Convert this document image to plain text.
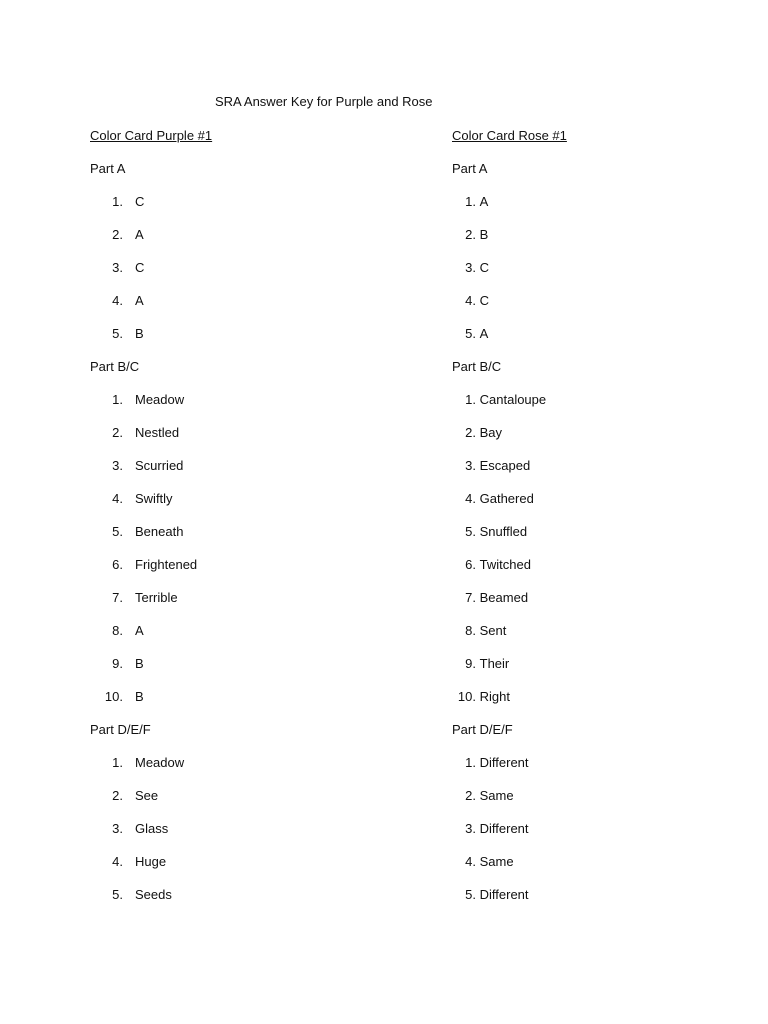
SRA Answer Key for Purple and Rose
Color Card Purple #1
Part A
1. C
2. A
3. C
4. A
5. B
Part B/C
1. Meadow
2. Nestled
3. Scurried
4. Swiftly
5. Beneath
6. Frightened
7. Terrible
8. A
9. B
10. B
Part D/E/F
1. Meadow
2. See
3. Glass
4. Huge
5. Seeds
Color Card Rose #1
Part A
1. A
2. B
3. C
4. C
5. A
Part B/C
1. Cantaloupe
2. Bay
3. Escaped
4. Gathered
5. Snuffled
6. Twitched
7. Beamed
8. Sent
9. Their
10. Right
Part D/E/F
1. Different
2. Same
3. Different
4. Same
5. Different
